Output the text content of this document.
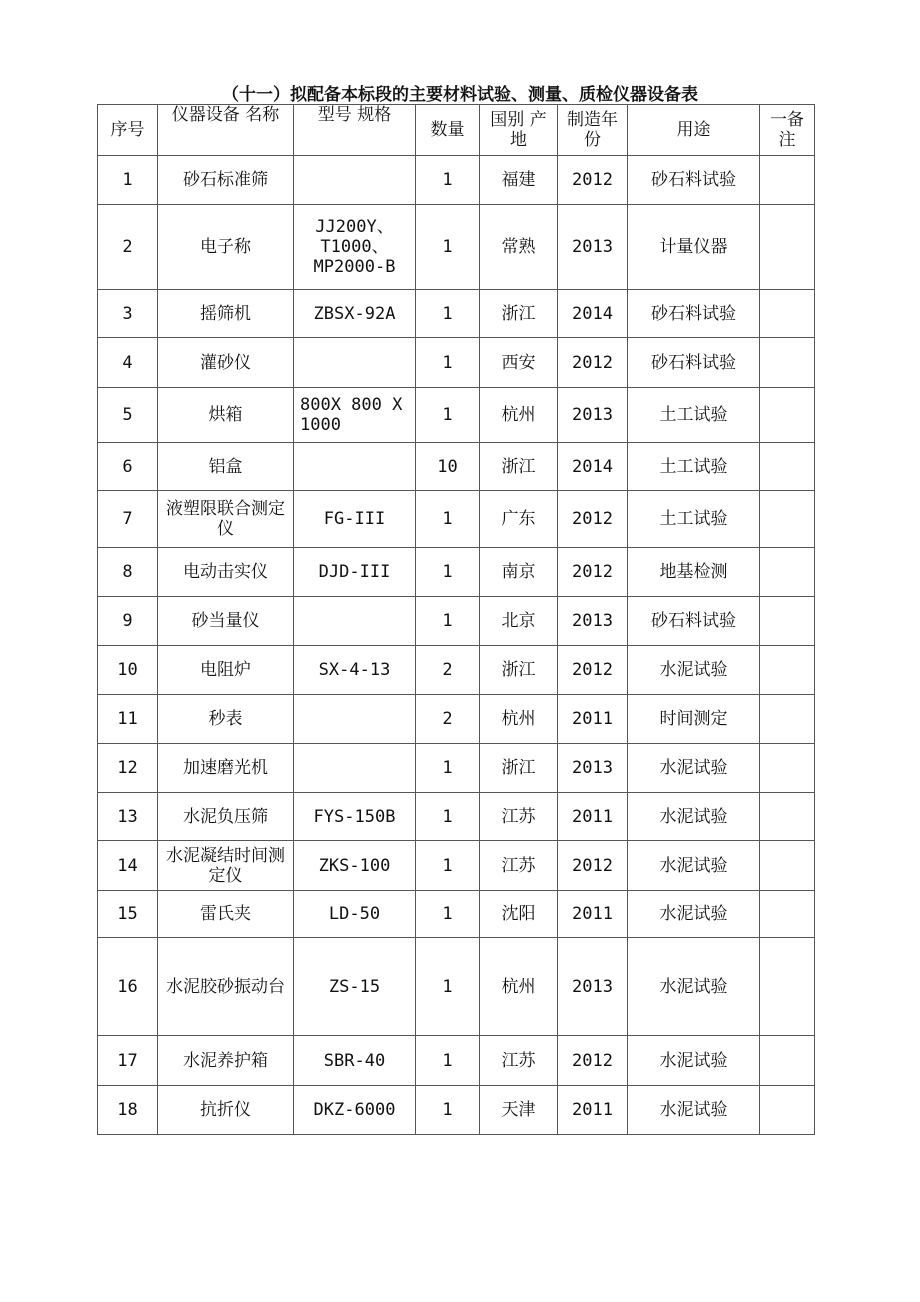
（十一）拟配备本标段的主要材料试验、测量、质检仪器设备表
序号	仪器设备 名称	型号 规格	数量	国别 产地	制造年份	用途	一备注
1	砂石标准筛		1	福建	2012	砂石料试验	
2	电子称	JJ200Y、T1000、MP2000-B	1	常熟	2013	计量仪器	
3	摇筛机	ZBSX-92A	1	浙江	2014	砂石料试验	
4	灌砂仪		1	西安	2012	砂石料试验	
5	烘箱	800X 800 X 1000	1	杭州	2013	土工试验	
6	铝盒		10	浙江	2014	土工试验	
7	液塑限联合测定仪	FG-III	1	广东	2012	土工试验	
8	电动击实仪	DJD-III	1	南京	2012	地基检测	
9	砂当量仪		1	北京	2013	砂石料试验	
10	电阻炉	SX-4-13	2	浙江	2012	水泥试验	
11	秒表		2	杭州	2011	时间测定	
12	加速磨光机		1	浙江	2013	水泥试验	
13	水泥负压筛	FYS-150B	1	江苏	2011	水泥试验	
14	水泥凝结时间测定仪	ZKS-100	1	江苏	2012	水泥试验	
15	雷氏夹	LD-50	1	沈阳	2011	水泥试验	
16	水泥胶砂振动台	ZS-15	1	杭州	2013	水泥试验	
17	水泥养护箱	SBR-40	1	江苏	2012	水泥试验	
18	抗折仪	DKZ-6000	1	天津	2011	水泥试验	
